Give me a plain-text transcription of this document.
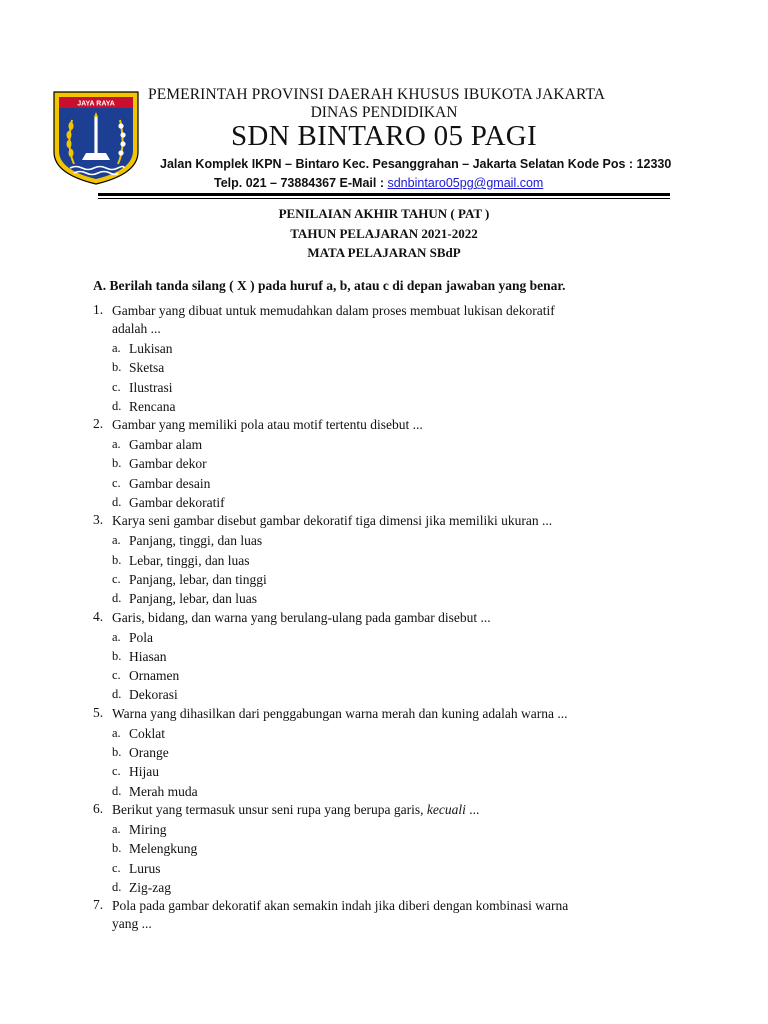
JAYA RAYA
PEMERINTAH PROVINSI DAERAH KHUSUS IBUKOTA JAKARTA
DINAS PENDIDIKAN
SDN BINTARO 05 PAGI
Jalan Komplek IKPN – Bintaro Kec. Pesanggrahan – Jakarta Selatan Kode Pos : 12330
Telp. 021 – 73884367 E-Mail : sdnbintaro05pg@gmail.com
PENILAIAN AKHIR TAHUN ( PAT )
TAHUN PELAJARAN 2021-2022
MATA PELAJARAN SBdP
A. Berilah tanda silang ( X ) pada huruf a, b, atau c di depan jawaban yang benar.
1. Gambar yang dibuat untuk memudahkan dalam proses membuat lukisan dekoratif
adalah ...
a. Lukisan
b. Sketsa
c. Ilustrasi
d. Rencana
2. Gambar yang memiliki pola atau motif tertentu disebut ...
a. Gambar alam
b. Gambar dekor
c. Gambar desain
d. Gambar dekoratif
3. Karya seni gambar disebut gambar dekoratif tiga dimensi jika memiliki ukuran ...
a. Panjang, tinggi, dan luas
b. Lebar, tinggi, dan luas
c. Panjang, lebar, dan tinggi
d. Panjang, lebar, dan luas
4. Garis, bidang, dan warna yang berulang-ulang pada gambar disebut ...
a. Pola
b. Hiasan
c. Ornamen
d. Dekorasi
5. Warna yang dihasilkan dari penggabungan warna merah dan kuning adalah warna ...
a. Coklat
b. Orange
c. Hijau
d. Merah muda
6. Berikut yang termasuk unsur seni rupa yang berupa garis, kecuali ...
a. Miring
b. Melengkung
c. Lurus
d. Zig-zag
7. Pola pada gambar dekoratif akan semakin indah jika diberi dengan kombinasi warna
yang ...
